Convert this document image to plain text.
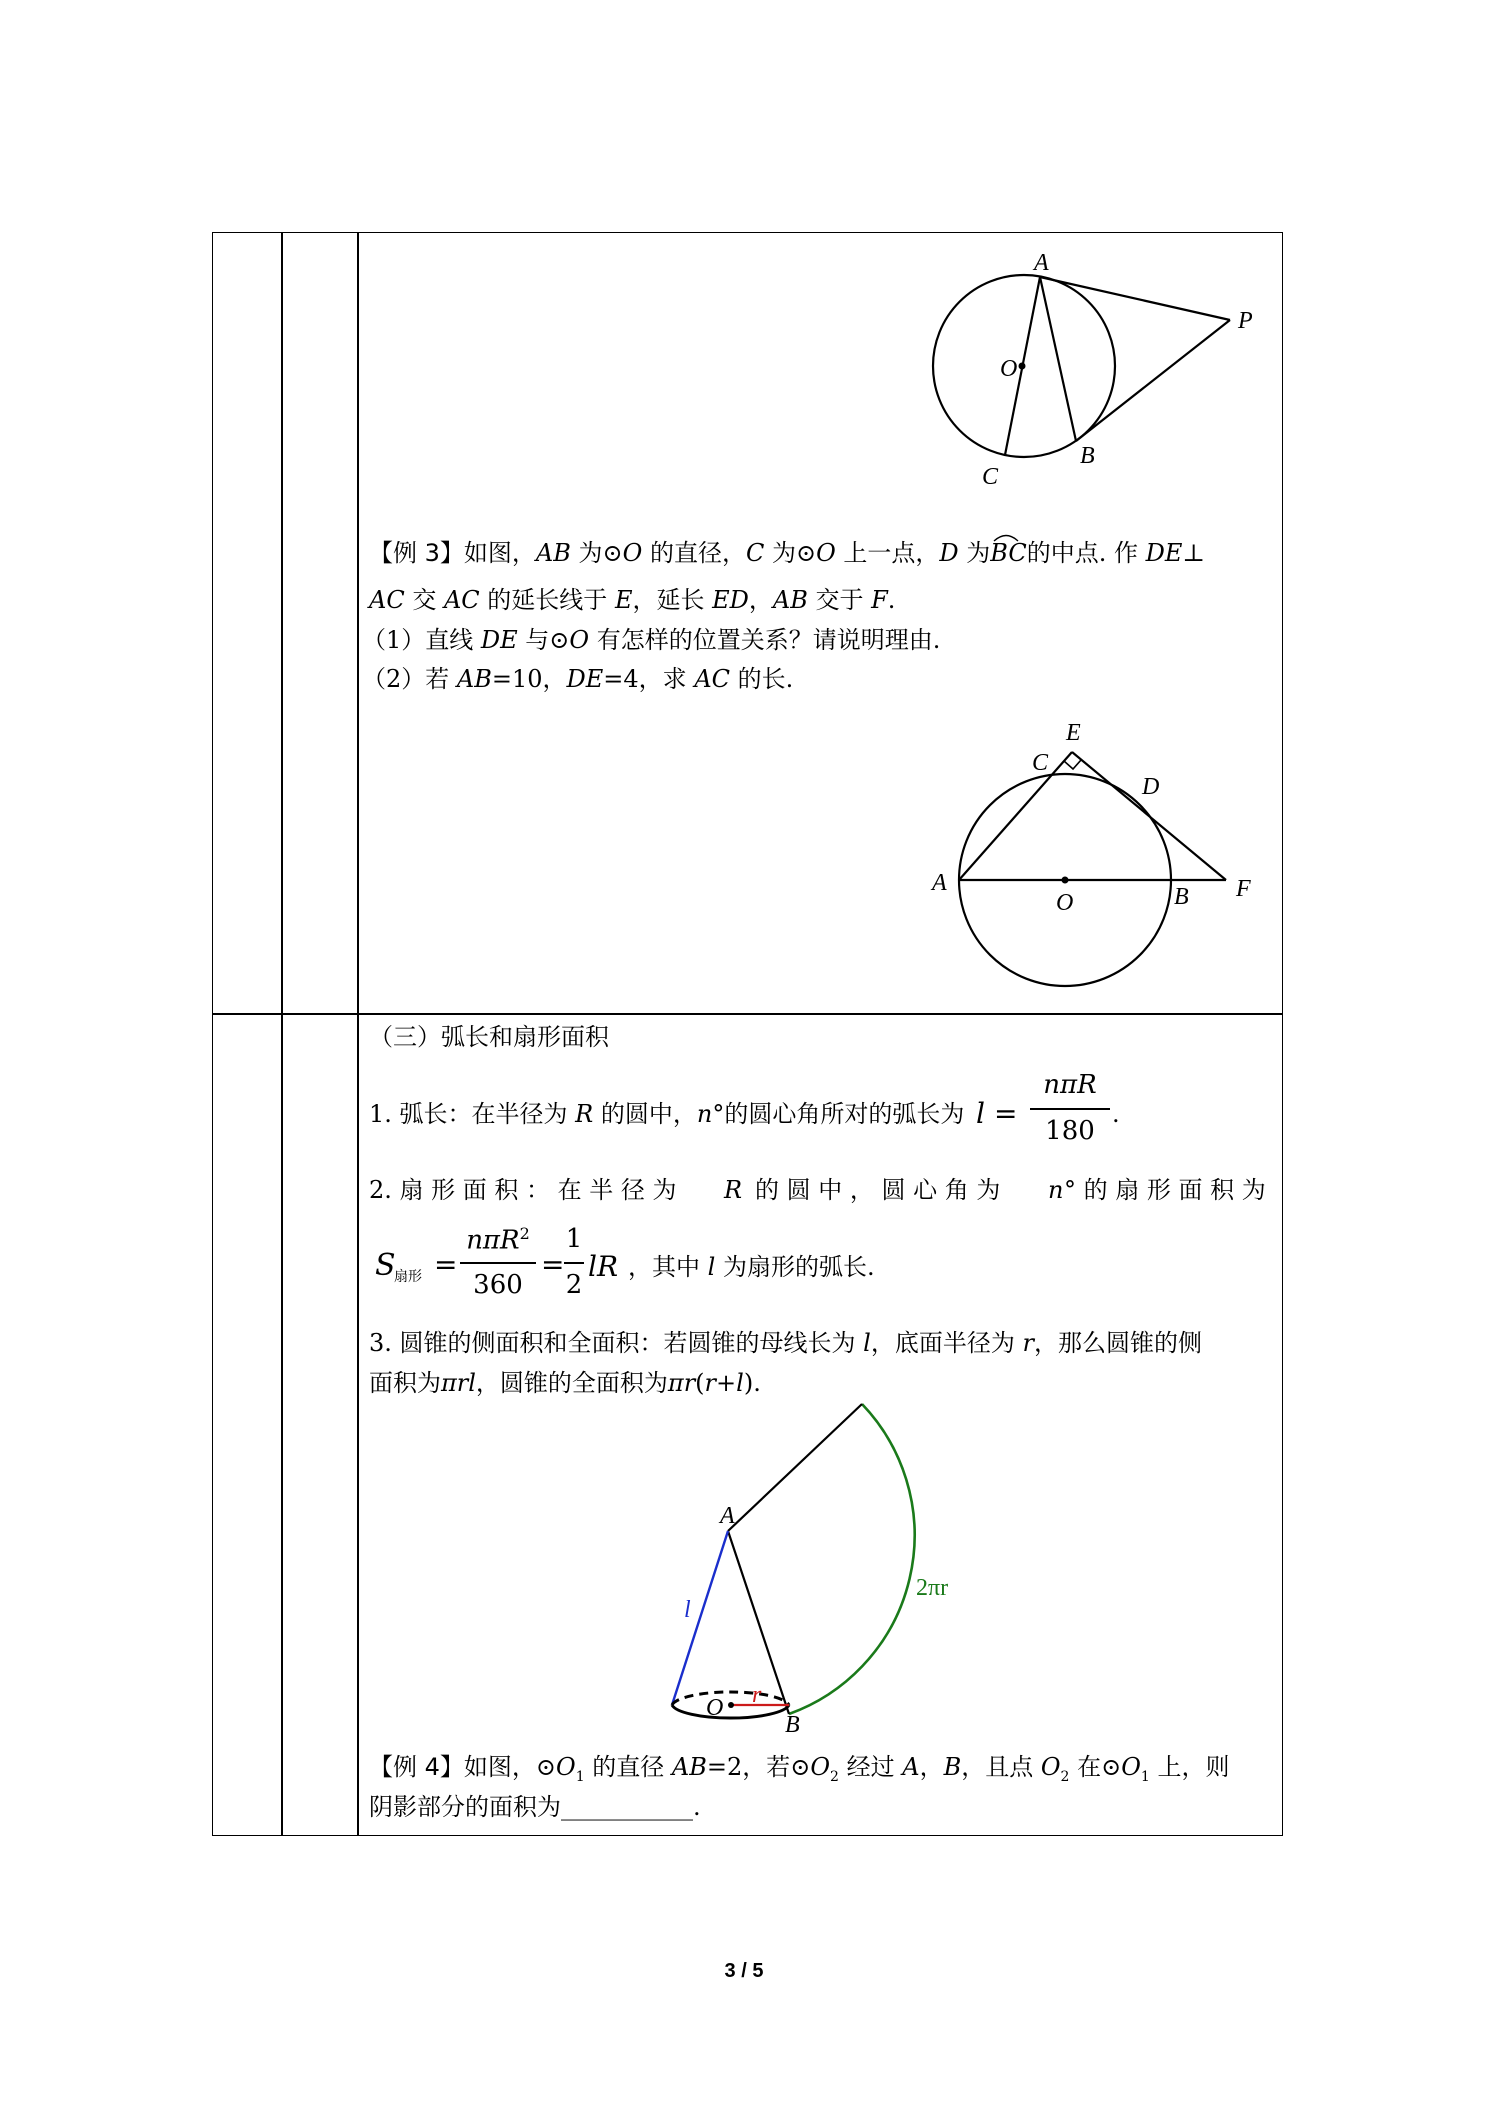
A
P
O
B
C
【例 3】如图，AB 为⊙O 的直径，C 为⊙O 上一点，D 为
BC的中点. 作 DE⊥
AC 交 AC 的延长线于 E，延长 ED，AB 交于 F.
（1）直线 DE 与⊙O 有怎样的位置关系？请说明理由.
（2）若 AB=10，DE=4，求 AC 的长.
E
C
D
A
O	B F
（三）弧长和扇形面积
1. 弧长：在半径为 R 的圆中，n°的圆心角所对的弧长为 l =
nπR
180
.
2. 扇 形 面 积 ： 在 半 径 为 R 的 圆 中 ， 圆 心 角 为 n ° 的 扇 形 面 积 为
S
扇形 =
nπR$^2$
360
=
1
2
lR ，其中 l 为扇形的弧长.
3. 圆锥的侧面积和全面积：若圆锥的母线长为 l，底面半径为 r，那么圆锥的侧
面积为πrl，圆锥的全面积为πr(r+l).
A
l
2πr
O r
B
【例 4】如图，$⊙O_1$ 的直径 AB=2，若$⊙O_2$ 经过 A，B，且点 $O_2$ 在$⊙O_1$ 上，则
阴影部分的面积为___________.
3 / 5
